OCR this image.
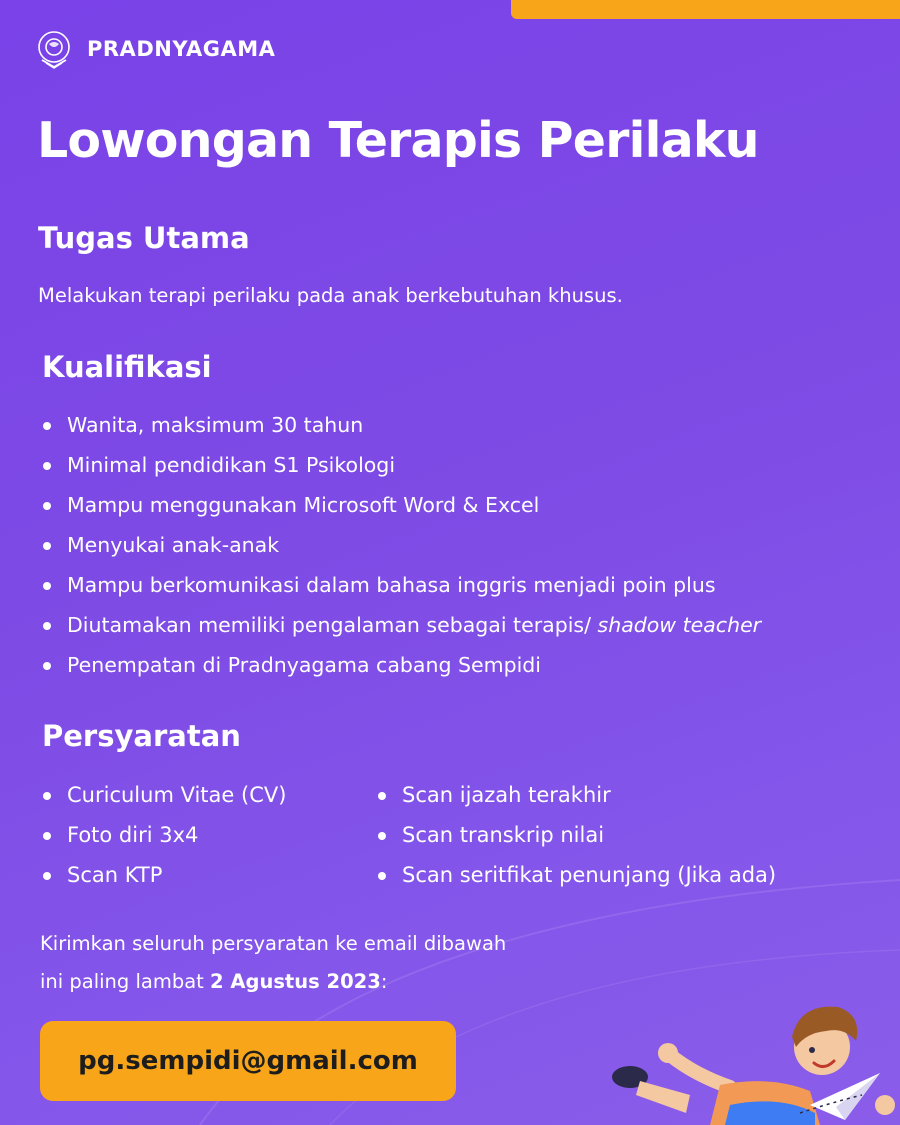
PRADNYAGAMA
Lowongan Terapis Perilaku
Tugas Utama

Melakukan terapi perilaku pada anak berkebutuhan khusus.

Kualifikasi
Wanita, maksimum 30 tahun
Minimal pendidikan S1 Psikologi
Mampu menggunakan Microsoft Word & Excel
Menyukai anak-anak
Mampu berkomunikasi dalam bahasa inggris menjadi poin plus
Diutamakan memiliki pengalaman sebagai terapis/ shadow teacher
Penempatan di Pradnyagama cabang Sempidi
Persyaratan
Curiculum Vitae (CV)
Foto diri 3x4
Scan KTP
Scan ijazah terakhir
Scan transkrip nilai
Scan seritfikat penunjang (Jika ada)
Kirimkan seluruh persyaratan ke email dibawah
ini paling lambat 2 Agustus 2023:
pg.sempidi@gmail.com
